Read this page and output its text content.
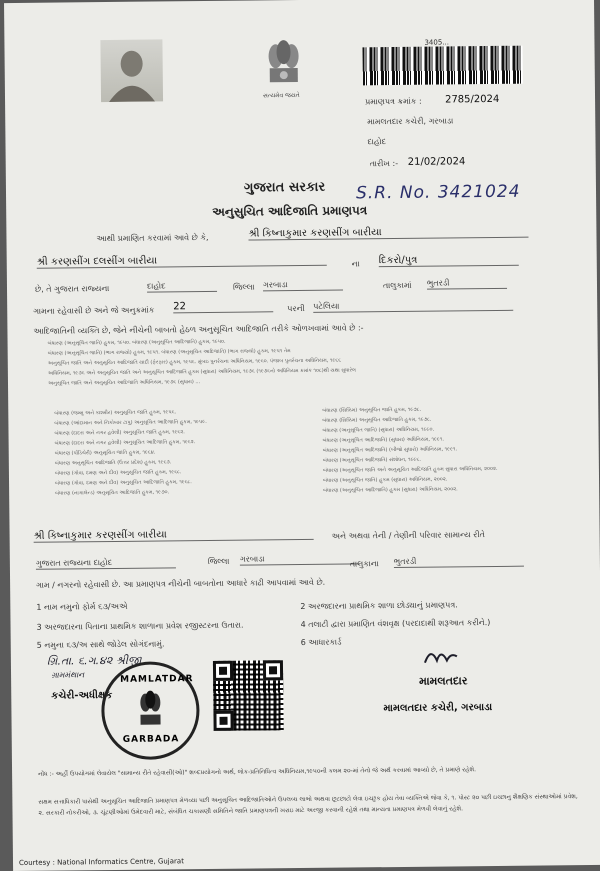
સત્યમેવ જયતે
3405...
પ્રમાણપત્ર ક્રમાંક : 2785/2024
મામલતદાર કચેરી, ગરબાડા
દાહોદ
તારીખ :- 21/02/2024
ગુજરાત સરકાર
અનુસુચિત આદિજાતિ પ્રમાણપત્ર
S.R. No. 3421024
આથી પ્રમાણિત કરવામાં આવે છે કે,	શ્રી કિષ્નાકુમાર કરણસીંગ બારીયા
શ્રી કરણસીંગ દલસીંગ બારીયા	ના દિકરો/પુત્ર
છે, તે ગુજરાત રાજ્યના	દાહોદ	જિલ્લા ગરબાડા	તાલુકામાં ભુતરડી
ગામના રહેવાસી છે અને જે અનુક્રમાંક 22	પરની પટેલિયા
આદિજાતિની વ્યક્તિ છે, જેને નીચેની બાબતો હેઠળ અનુસૂચિત આદિજાતિ તરીકે ઓળખવામાં આવે છે :-
બંધારણ (અનુસૂચિત જાતિ) હુકમ, ૧૯૫૦. બંધારણ (અનુસૂચિત આદિજાતિ) હુકમ, ૧૯૫૦.
બંધારણ (અનુસૂચિત જાતિ) (ભાગ રાજ્યો) હુકમ, ૧૯૫૧. બંધારણ (અનુસૂચિત આદિજાતિ) (ભાગ રાજ્યો) હુકમ, ૧૯૫૧ તેમ
અનુસૂચિત જાતિ અને અનુસૂચિત આદિજાતિ યાદી (ફેરફાર) હુકમ, ૧૯૫૬. મુંબઇ પુનર્રચના અધિનિયમ, ૧૯૬૦. પંજાબ પુનર્રચના અધિનિયમ, ૧૯૬૬
અધિનિયમ, ૧૯૭૬ અને અનુસૂચિત જાતિ અને અનુસૂચિત આદિજાતિ હુકમ (સુધારા) અધિનિયમ, ૧૯૭૬ (૧૯૭૬નો અધિનિયમ ક્રમાંક ૧૦૮)થી યથા સુધારેલ
અનુસૂચિત જાતિ અને અનુસૂચિત આદિજાતિ અધિનિયમ, ૧૯૭૬ (સુધારા) ...
બંધારણ (જમ્મુ અને કાશ્મીર) અનુસૂચિત જાતિ હુકમ, ૧૯૫૬.
બંધારણ (આંદામાન અને નિકોબાર ટાપુ) અનુસૂચિત આદિજાતિ હુકમ, ૧૯૫૯.
બંધારણ (દાદરા અને નગર હવેલી) અનુસૂચિત જાતિ હુકમ, ૧૯૬૨.
બંધારણ (દાદરા અને નગર હવેલી) અનુસૂચિત આદિજાતિ હુકમ, ૧૯૬૨.
બંધારણ (પોંડિચેરી) અનુસૂચિત જાતિ હુકમ, ૧૯૬૪.
બંધારણ અનુસૂચિત આદિજાતિ (ઉત્તર પ્રદેશ) હુકમ, ૧૯૬૭.
બંધારણ (ગોવા, દમણ અને દીવ) અનુસૂચિત જાતિ હુકમ, ૧૯૬૮.
બંધારણ (ગોવા, દમણ અને દીવ) અનુસૂચિત આદિજાતિ હુકમ, ૧૯૬૮.
બંધારણ (નાગાલેન્ડ) અનુસૂચિત આદિજાતિ હુકમ, ૧૯૭૦.
બંધારણ (સિક્કિમ) અનુસૂચિત જાતિ હુકમ, ૧૯૭૮.
બંધારણ (સિક્કિમ) અનુસૂચિત આદિજાતિ હુકમ, ૧૯૭૮.
બંધારણ (અનુસૂચિત જાતિ) (સુધારા) અધિનિયમ, ૧૯૯૦.
બંધારણ (અનુસૂચિત આદિજાતિ) (સુધારા) અધિનિયમ, ૧૯૯૧.
બંધારણ (અનુસૂચિત આદિજાતિ) (બીજો સુધારો) અધિનિયમ, ૧૯૯૧.
બંધારણ (અનુસૂચિત આદિજાતિ) સંશોધન, ૧૯૯૬.
બંધારણ (અનુસૂચિત જાતિ અને અનુસૂચિત આદિજાતિ હુકમ સુધારા અધિનિયમ, ૨૦૦૨.
બંધારણ (અનુસૂચિત જાતિ) હુકમ (સુધારા) અધિનિયમ, ૨૦૦૨.
બંધારણ (અનુસૂચિત આદિજાતિ) હુકમ (સુધારા) અધિનિયમ, ૨૦૦૨.
શ્રી કિષ્નાકુમાર કરણસીંગ બારીયા	અને અથવા તેની / તેણીની પરિવાર સામાન્ય રીતે
ગુજરાત રાજ્યના દાહોદ	જિલ્લા ગરબાડા
તાલુકાના ભુતરડી
ગામ / નગરનો રહેવાસી છે. આ પ્રમાણપત્ર નીચેની બાબતોના આધારે કાઢી આપવામાં આવે છે.
1 નામ નમુનો ફોર્મ ૬૩/અએ	2 અરજદારના પ્રાથમિક શાળા છોડ્યાનું પ્રમાણપત્ર.
3 અરજદારના પિતાના પ્રાથમિક શાળાના પ્રવેશ રજીસ્ટરના ઉતારા.	4 તલાટી દ્વારા પ્રમાણિત વંશવૃક્ષ (પરદાદાથી શરૂઆત કરીને.)
5 નમુના ૬૩/અ સાથે જોડેલ સોગંદનામું.	6 આધારકાર્ડ
ગ્રિ.તા. ૬.ગ.૪૨ શ્રીજી
ગ્રામમંથાન
કચેરી-અધીક્ષક
MAMLATDAR
GARBADA
મામલતદાર
મામલતદાર કચેરી, ગરબાડા
નોંધ :- અહીં ઉપયોગમાં લેવાયેલ "સામાન્ય રીતે રહેવાસી(ઓ)" શબ્દપ્રયોગનો અર્થ, લોક-પ્રતિનિધિત્વ અધિનિયમ,૧૯૫૦ની કલમ ૨૦-માં તેનો જે અર્થ કરવામાં આવ્યો છે, તે પ્રમાણે રહેશે.
સક્ષમ સત્તાધિકારી પાસેથી અનુસૂચિત આદિજાતિ પ્રમાણપત્ર મેળવ્યા પછી અનુસૂચિત આદિજાતિઓને ઉપલબ્ધ લાભો અથવા છૂટછાટો લેવા ઇચ્છુક હોય તેવા વ્યક્તિએ જેવા કે, ૧. પોસ્ટ ૨૦ પછી ઇચ્છાનુ શૈક્ષણિક સંસ્થાઓમાં પ્રવેશ, ૨. સરકારી નોકરીઓ, ૩. ચૂંટણીઓમાં ઉમેદવારી માટે, સંબંધિત ચકાસણી સમિતિને જાતિ પ્રમાણપત્રની ખરાઇ માટે અરજી કરવાની રહેશે તથા માન્યતા પ્રમાણપત્ર મેળવી લેવાનું રહેશે.
Courtesy : National Informatics Centre, Gujarat
